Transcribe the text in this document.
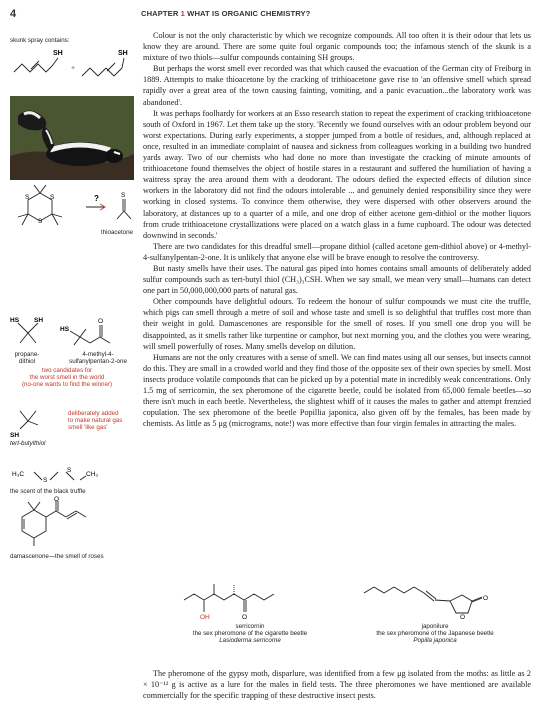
4	CHAPTER 1 WHAT IS ORGANIC CHEMISTRY?
skunk spray contains:
SH
+
SH
?	S
S
S
S
thioacetone
HS SH
HS
O
propane-
dithiol
4-methyl-4-
sulfanylpentan-2-one
two candidates for
the worst smell in the world
(no-one wants to find the winner)
SH
deliberately added
to make natural gas
smell 'like gas'
tert-butylthiol
H₃C
S
S
CH₃
the scent of the black truffle
O
damascenone—the smell of roses

Colour is not the only characteristic by which we recognize compounds. All too often it is their odour that lets us know they are around. There are some quite foul organic compounds too; the infamous stench of the skunk is a mixture of two thiols—sulfur compounds containing SH groups.

But perhaps the worst smell ever recorded was that which caused the evacuation of the German city of Freiburg in 1889. Attempts to make thioacetone by the cracking of trithioacetone gave rise to 'an offensive smell which spread rapidly over a great area of the town causing fainting, vomiting, and a panic evacuation...the laboratory work was abandoned'.

It was perhaps foolhardy for workers at an Esso research station to repeat the experiment of cracking trithioacetone south of Oxford in 1967. Let them take up the story. 'Recently we found ourselves with an odour problem beyond our worst expectations. During early experiments, a stopper jumped from a bottle of residues, and, although replaced at once, resulted in an immediate complaint of nausea and sickness from colleagues working in a building two hundred yards away. Two of our chemists who had done no more than investigate the cracking of minute amounts of trithioacetone found themselves the object of hostile stares in a restaurant and suffered the humiliation of having a waitress spray the area around them with a deodorant. The odours defied the expected effects of dilution since workers in the laboratory did not find the odours intolerable ... and genuinely denied responsibility since they were working in closed systems. To convince them otherwise, they were dispersed with other observers around the laboratory, at distances up to a quarter of a mile, and one drop of either acetone gem-dithiol or the mother liquors from crude trithioacetone crystallizations were placed on a watch glass in a fume cupboard. The odour was detected downwind in seconds.'

There are two candidates for this dreadful smell—propane dithiol (called acetone gem-dithiol above) or 4-methyl-4-sulfanylpentan-2-one. It is unlikely that anyone else will be brave enough to resolve the controversy.

But nasty smells have their uses. The natural gas piped into homes contains small amounts of deliberately added sulfur compounds such as tert-butyl thiol (CH₃)₃CSH. When we say small, we mean very small—humans can detect one part in 50,000,000,000 parts of natural gas.

Other compounds have delightful odours. To redeem the honour of sulfur compounds we must cite the truffle, which pigs can smell through a metre of soil and whose taste and smell is so delightful that truffles cost more than their weight in gold. Damascenones are responsible for the smell of roses. If you smell one drop you will be disappointed, as it smells rather like turpentine or camphor, but next morning you, and the clothes you were wearing, will smell powerfully of roses. Many smells develop on dilution.

Humans are not the only creatures with a sense of smell. We can find mates using all our senses, but insects cannot do this. They are small in a crowded world and they find those of the opposite sex of their own species by smell. Most insects produce volatile compounds that can be picked up by a potential mate in incredibly weak concentrations. Only 1.5 mg of serricornin, the sex pheromone of the cigarette beetle, could be isolated from 65,000 female beetles—so there isn't much in each beetle. Nevertheless, the slightest whiff of it causes the males to gather and attempt frenzied copulation. The sex pheromone of the beetle Popillia japonica, also given off by the females, has been made by chemists. As little as 5 μg (micrograms, note!) was more effective than four virgin females in attracting the males.

OH	O
serricornin
the sex pheromone of the cigarette beetle
Lasioderma serricorne
O
O
japonilure
the sex pheromone of the Japanese beetle
Popilla japonica

The pheromone of the gypsy moth, disparlure, was identified from a few μg isolated from the moths: as little as 2 × 10⁻¹² g is active as a lure for the males in field tests. The three pheromones we have mentioned are available commercially for the specific trapping of these destructive insect pests.
